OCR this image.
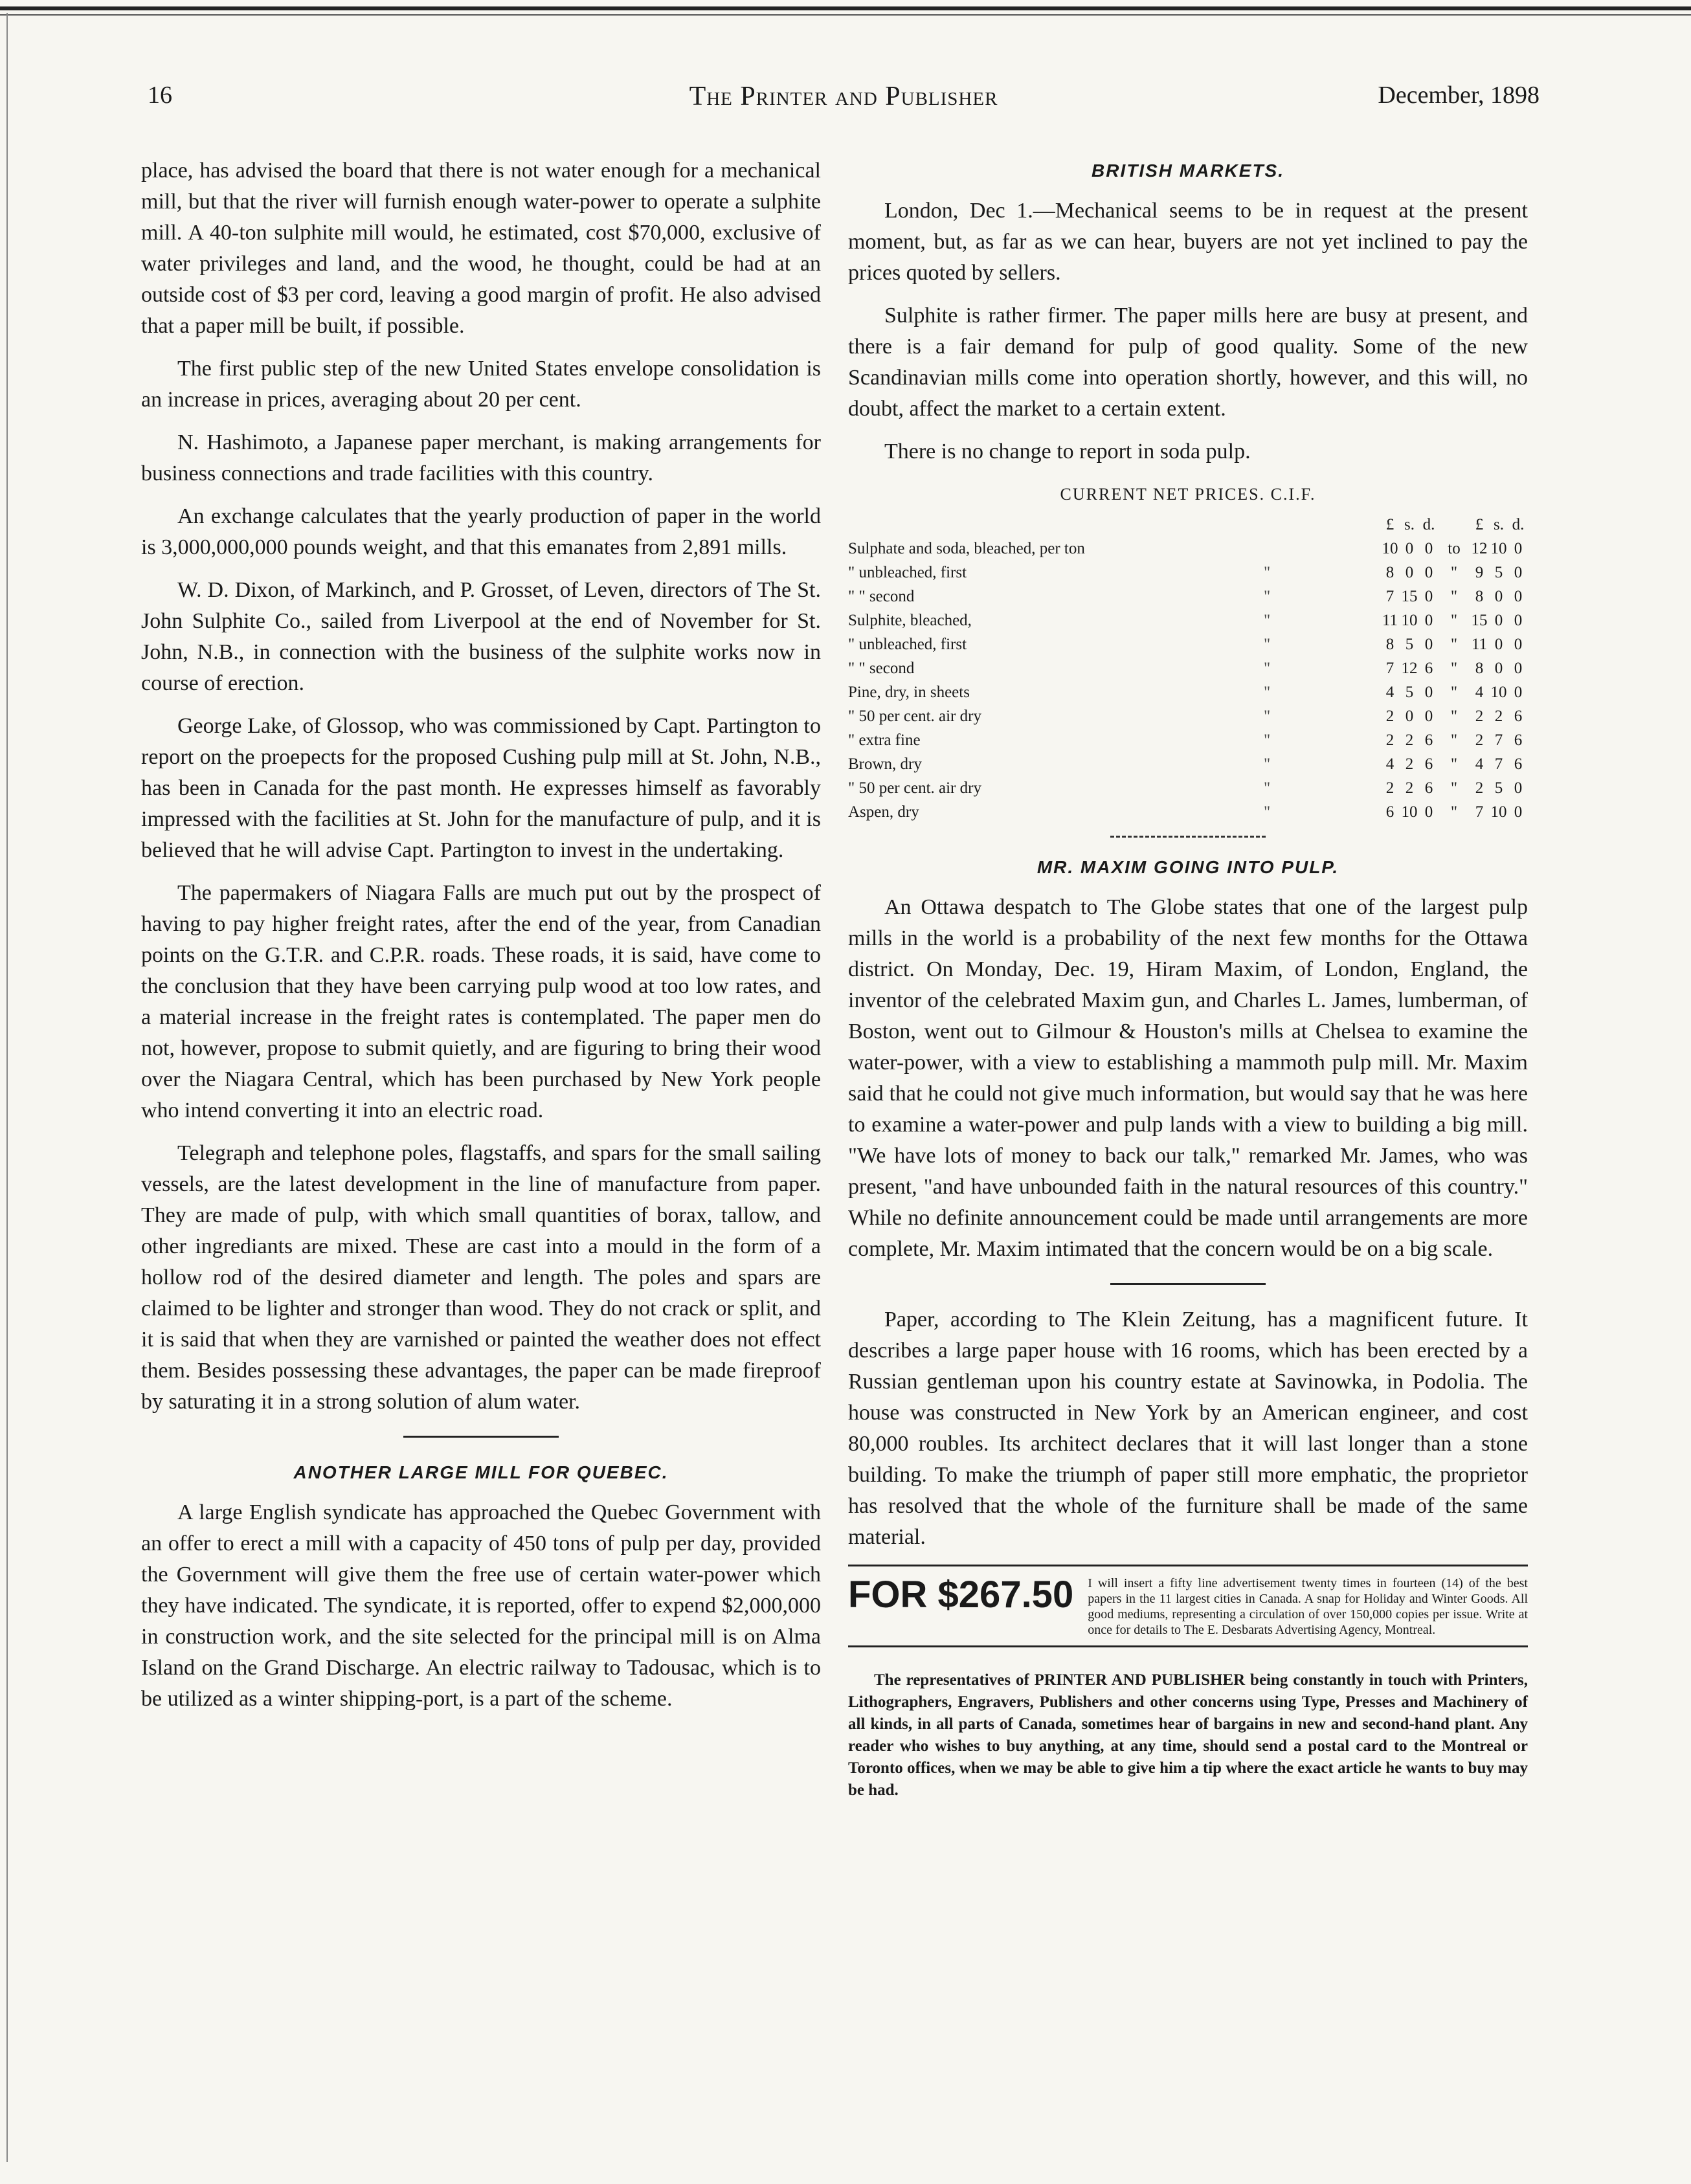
16	The Printer and Publisher	December, 1898

place, has advised the board that there is not water enough for a mechanical mill, but that the river will furnish enough water-power to operate a sulphite mill. A 40-ton sulphite mill would, he estimated, cost $70,000, exclusive of water privileges and land, and the wood, he thought, could be had at an outside cost of $3 per cord, leaving a good margin of profit. He also advised that a paper mill be built, if possible.

The first public step of the new United States envelope consolidation is an increase in prices, averaging about 20 per cent.

N. Hashimoto, a Japanese paper merchant, is making arrangements for business connections and trade facilities with this country.

An exchange calculates that the yearly production of paper in the world is 3,000,000,000 pounds weight, and that this emanates from 2,891 mills.

W. D. Dixon, of Markinch, and P. Grosset, of Leven, directors of The St. John Sulphite Co., sailed from Liverpool at the end of November for St. John, N.B., in connection with the business of the sulphite works now in course of erection.

George Lake, of Glossop, who was commissioned by Capt. Partington to report on the proepects for the proposed Cushing pulp mill at St. John, N.B., has been in Canada for the past month. He expresses himself as favorably impressed with the facilities at St. John for the manufacture of pulp, and it is believed that he will advise Capt. Partington to invest in the undertaking.

The papermakers of Niagara Falls are much put out by the prospect of having to pay higher freight rates, after the end of the year, from Canadian points on the G.T.R. and C.P.R. roads. These roads, it is said, have come to the conclusion that they have been carrying pulp wood at too low rates, and a material increase in the freight rates is contemplated. The paper men do not, however, propose to submit quietly, and are figuring to bring their wood over the Niagara Central, which has been purchased by New York people who intend converting it into an electric road.

Telegraph and telephone poles, flagstaffs, and spars for the small sailing vessels, are the latest development in the line of manufacture from paper. They are made of pulp, with which small quantities of borax, tallow, and other ingrediants are mixed. These are cast into a mould in the form of a hollow rod of the desired diameter and length. The poles and spars are claimed to be lighter and stronger than wood. They do not crack or split, and it is said that when they are varnished or painted the weather does not effect them. Besides possessing these advantages, the paper can be made fireproof by saturating it in a strong solution of alum water.

ANOTHER LARGE MILL FOR QUEBEC.

A large English syndicate has approached the Quebec Government with an offer to erect a mill with a capacity of 450 tons of pulp per day, provided the Government will give them the free use of certain water-power which they have indicated. The syndicate, it is reported, offer to expend $2,000,000 in construction work, and the site selected for the principal mill is on Alma Island on the Grand Discharge. An electric railway to Tadousac, which is to be utilized as a winter shipping-port, is a part of the scheme.

BRITISH MARKETS.

London, Dec 1.—Mechanical seems to be in request at the present moment, but, as far as we can hear, buyers are not yet inclined to pay the prices quoted by sellers.

Sulphite is rather firmer. The paper mills here are busy at present, and there is a fair demand for pulp of good quality. Some of the new Scandinavian mills come into operation shortly, however, and this will, no doubt, affect the market to a certain extent.

There is no change to report in soda pulp.

CURRENT NET PRICES. C.I.F.
		£	s.	d.		£	s.	d.
Sulphate and soda, bleached, per ton		10	0	0	to	12	10	0
" unbleached, first	"	8	0	0	"	9	5	0
" " second	"	7	15	0	"	8	0	0
Sulphite, bleached,	"	11	10	0	"	15	0	0
" unbleached, first	"	8	5	0	"	11	0	0
" " second	"	7	12	6	"	8	0	0
Pine, dry, in sheets	"	4	5	0	"	4	10	0
" 50 per cent. air dry	"	2	0	0	"	2	2	6
" extra fine	"	2	2	6	"	2	7	6
Brown, dry	"	4	2	6	"	4	7	6
" 50 per cent. air dry	"	2	2	6	"	2	5	0
Aspen, dry	"	6	10	0	"	7	10	0
MR. MAXIM GOING INTO PULP.

An Ottawa despatch to The Globe states that one of the largest pulp mills in the world is a probability of the next few months for the Ottawa district. On Monday, Dec. 19, Hiram Maxim, of London, England, the inventor of the celebrated Maxim gun, and Charles L. James, lumberman, of Boston, went out to Gilmour & Houston's mills at Chelsea to examine the water-power, with a view to establishing a mammoth pulp mill. Mr. Maxim said that he could not give much information, but would say that he was here to examine a water-power and pulp lands with a view to building a big mill. "We have lots of money to back our talk," remarked Mr. James, who was present, "and have unbounded faith in the natural resources of this country." While no definite announcement could be made until arrangements are more complete, Mr. Maxim intimated that the concern would be on a big scale.

Paper, according to The Klein Zeitung, has a magnificent future. It describes a large paper house with 16 rooms, which has been erected by a Russian gentleman upon his country estate at Savinowka, in Podolia. The house was constructed in New York by an American engineer, and cost 80,000 roubles. Its architect declares that it will last longer than a stone building. To make the triumph of paper still more emphatic, the proprietor has resolved that the whole of the furniture shall be made of the same material.

FOR $267.50 I will insert a fifty line advertisement twenty times in fourteen (14) of the best papers in the 11 largest cities in Canada. A snap for Holiday and Winter Goods. All good mediums, representing a circulation of over 150,000 copies per issue. Write at once for details to The E. Desbarats Advertising Agency, Montreal.
The representatives of PRINTER AND PUBLISHER being constantly in touch with Printers, Lithographers, Engravers, Publishers and other concerns using Type, Presses and Machinery of all kinds, in all parts of Canada, sometimes hear of bargains in new and second-hand plant. Any reader who wishes to buy anything, at any time, should send a postal card to the Montreal or Toronto offices, when we may be able to give him a tip where the exact article he wants to buy may be had.
